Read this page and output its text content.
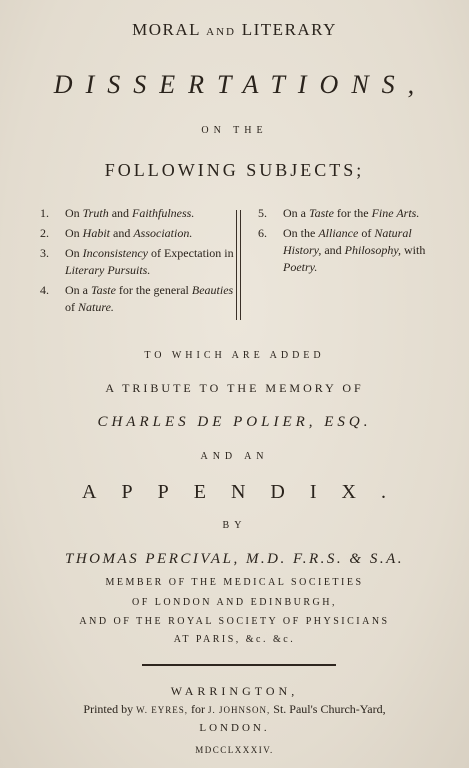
MORAL AND LITERARY
DISSERTATIONS,
ON THE
FOLLOWING SUBJECTS;
1. On Truth and Faithfulness.
2. On Habit and Association.
3. On Inconsistency of Expectation in Literary Pursuits.
4. On a Taste for the general Beauties of Nature.
5. On a Taste for the Fine Arts.
6. On the Alliance of Natural History, and Philosophy, with Poetry.
TO WHICH ARE ADDED
A TRIBUTE TO THE MEMORY OF
CHARLES DE POLIER, ESQ.
AND AN
APPENDIX.
BY
THOMAS PERCIVAL, M.D. F.R.S. & S.A.
MEMBER OF THE MEDICAL SOCIETIES
OF LONDON AND EDINBURGH,
AND OF THE ROYAL SOCIETY OF PHYSICIANS
AT PARIS, &c. &c.
WARRINGTON,
Printed by W. EYRES, for J. JOHNSON, St. Paul's Church-Yard,
LONDON.
MDCCLXXXIV.
